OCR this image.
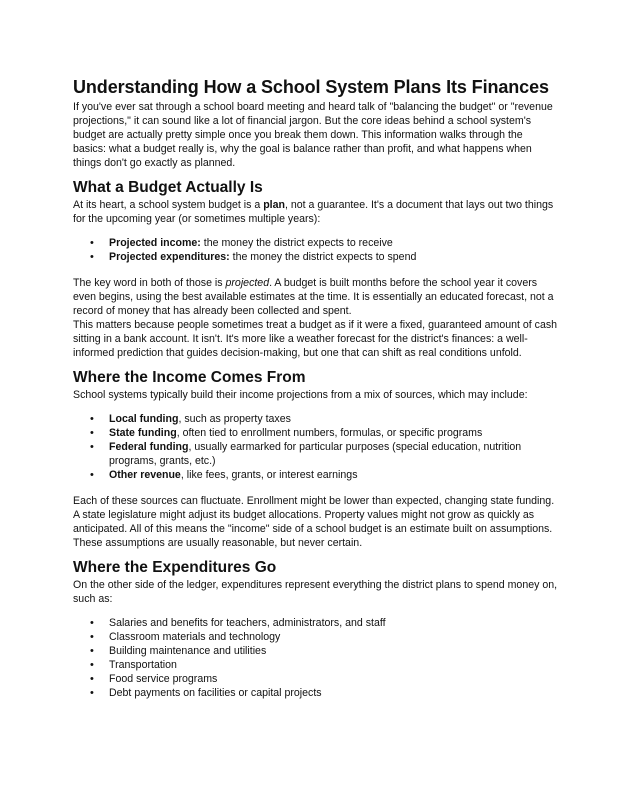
Understanding How a School System Plans Its Finances

If you've ever sat through a school board meeting and heard talk of "balancing the budget" or "revenue projections," it can sound like a lot of financial jargon. But the core ideas behind a school system's budget are actually pretty simple once you break them down. This information walks through the basics: what a budget really is, why the goal is balance rather than profit, and what happens when things don't go exactly as planned.

What a Budget Actually Is

At its heart, a school system budget is a plan, not a guarantee. It's a document that lays out two things for the upcoming year (or sometimes multiple years):

• Projected income: the money the district expects to receive
• Projected expenditures: the money the district expects to spend

The key word in both of those is projected. A budget is built months before the school year it covers even begins, using the best available estimates at the time. It is essentially an educated forecast, not a record of money that has already been collected and spent.

This matters because people sometimes treat a budget as if it were a fixed, guaranteed amount of cash sitting in a bank account. It isn't. It's more like a weather forecast for the district's finances: a well-informed prediction that guides decision-making, but one that can shift as real conditions unfold.

Where the Income Comes From

School systems typically build their income projections from a mix of sources, which may include:

• Local funding, such as property taxes
• State funding, often tied to enrollment numbers, formulas, or specific programs
• Federal funding, usually earmarked for particular purposes (special education, nutrition programs, grants, etc.)
• Other revenue, like fees, grants, or interest earnings

Each of these sources can fluctuate. Enrollment might be lower than expected, changing state funding. A state legislature might adjust its budget allocations. Property values might not grow as quickly as anticipated. All of this means the "income" side of a school budget is an estimate built on assumptions. These assumptions are usually reasonable, but never certain.

Where the Expenditures Go

On the other side of the ledger, expenditures represent everything the district plans to spend money on, such as:

• Salaries and benefits for teachers, administrators, and staff
• Classroom materials and technology
• Building maintenance and utilities
• Transportation
• Food service programs
• Debt payments on facilities or capital projects
